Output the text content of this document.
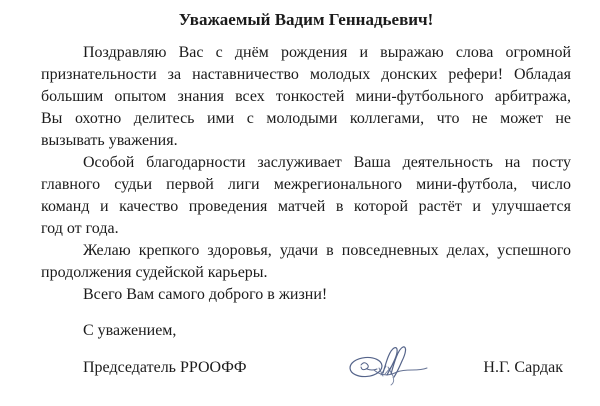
Уважаемый Вадим Геннадьевич!
Поздравляю Вас с днём рождения и выражаю слова огромной
признательности за наставничество молодых донских рефери! Обладая
большим опытом знания всех тонкостей мини-футбольного арбитража,
Вы охотно делитесь ими с молодыми коллегами, что не может не
вызывать уважения.
Особой благодарности заслуживает Ваша деятельность на посту
главного судьи первой лиги межрегионального мини-футбола, число
команд и качество проведения матчей в которой растёт и улучшается
год от года.
Желаю крепкого здоровья, удачи в повседневных делах, успешного
продолжения судейской карьеры.
Всего Вам самого доброго в жизни!
С уважением,
Председатель РРООФФ	Н.Г. Сардак
